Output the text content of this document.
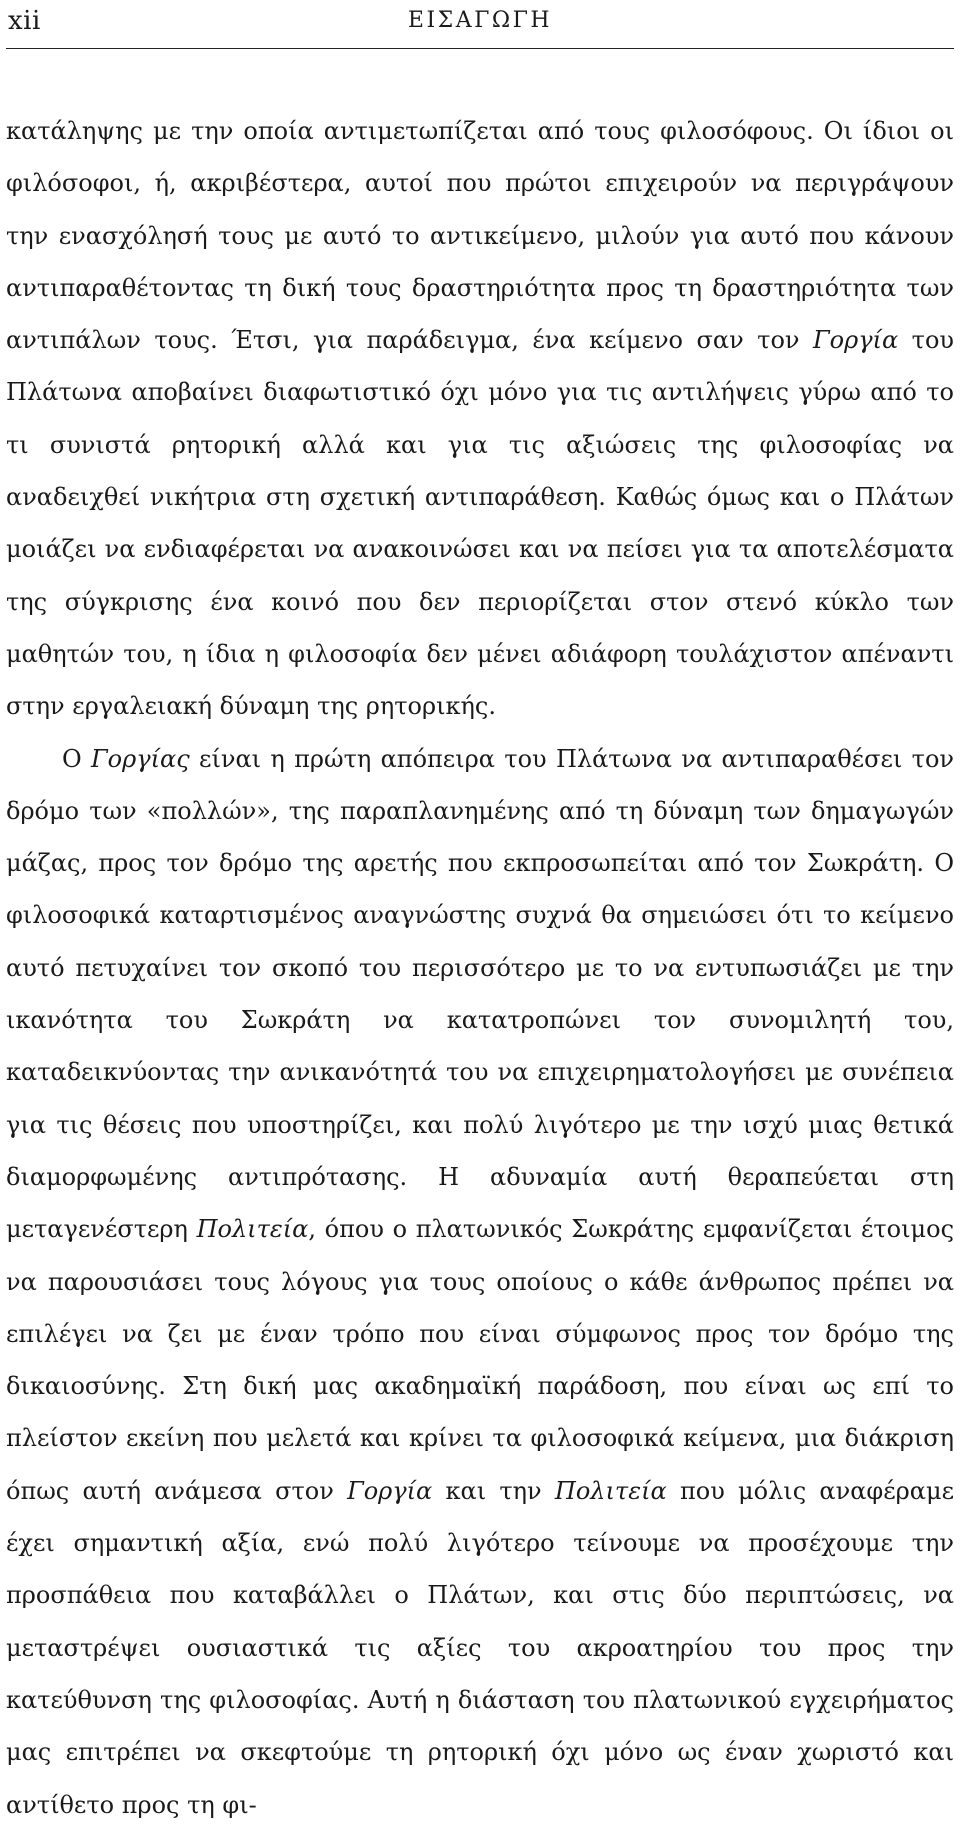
xii	ΕΙΣΑΓΩΓΗ

κατάληψης με την οποία αντιμετωπίζεται από τους φιλοσόφους. Οι ίδιοι οι φιλόσοφοι, ή, ακριβέστερα, αυτοί που πρώτοι επιχειρούν να περιγράψουν την ενασχόλησή τους με αυτό το αντικείμενο, μιλούν για αυτό που κάνουν αντιπαραθέτοντας τη δική τους δραστηριότητα προς τη δραστηριότητα των αντιπάλων τους. Έτσι, για παράδειγμα, ένα κείμενο σαν τον Γοργία του Πλάτωνα αποβαίνει διαφωτιστικό όχι μόνο για τις αντιλήψεις γύρω από το τι συνιστά ρητορική αλλά και για τις αξιώσεις της φιλοσοφίας να αναδειχθεί νικήτρια στη σχετική αντιπαράθεση. Καθώς όμως και ο Πλάτων μοιάζει να ενδιαφέρεται να ανακοινώσει και να πείσει για τα αποτελέσματα της σύγκρισης ένα κοινό που δεν περιορίζεται στον στενό κύκλο των μαθητών του, η ίδια η φιλοσοφία δεν μένει αδιάφορη τουλάχιστον απέναντι στην εργαλειακή δύναμη της ρητορικής.

Ο Γοργίας είναι η πρώτη απόπειρα του Πλάτωνα να αντιπαραθέσει τον δρόμο των «πολλών», της παραπλανημένης από τη δύναμη των δημαγωγών μάζας, προς τον δρόμο της αρετής που εκπροσωπείται από τον Σωκράτη. Ο φιλοσοφικά καταρτισμένος αναγνώστης συχνά θα σημειώσει ότι το κείμενο αυτό πετυχαίνει τον σκοπό του περισσότερο με το να εντυπωσιάζει με την ικανότητα του Σωκράτη να κατατροπώνει τον συνομιλητή του, καταδεικνύοντας την ανικανότητά του να επιχειρηματολογήσει με συνέπεια για τις θέσεις που υποστηρίζει, και πολύ λιγότερο με την ισχύ μιας θετικά διαμορφωμένης αντιπρότασης. Η αδυναμία αυτή θεραπεύεται στη μεταγενέστερη Πολιτεία, όπου ο πλατωνικός Σωκράτης εμφανίζεται έτοιμος να παρουσιάσει τους λόγους για τους οποίους ο κάθε άνθρωπος πρέπει να επιλέγει να ζει με έναν τρόπο που είναι σύμφωνος προς τον δρόμο της δικαιοσύνης. Στη δική μας ακαδημαϊκή παράδοση, που είναι ως επί το πλείστον εκείνη που μελετά και κρίνει τα φιλοσοφικά κείμενα, μια διάκριση όπως αυτή ανάμεσα στον Γοργία και την Πολιτεία που μόλις αναφέραμε έχει σημαντική αξία, ενώ πολύ λιγότερο τείνουμε να προσέχουμε την προσπάθεια που καταβάλλει ο Πλάτων, και στις δύο περιπτώσεις, να μεταστρέψει ουσιαστικά τις αξίες του ακροατηρίου του προς την κατεύθυνση της φιλοσοφίας. Αυτή η διάσταση του πλατωνικού εγχειρήματος μας επιτρέπει να σκεφτούμε τη ρητορική όχι μόνο ως έναν χωριστό και αντίθετο προς τη φι-
